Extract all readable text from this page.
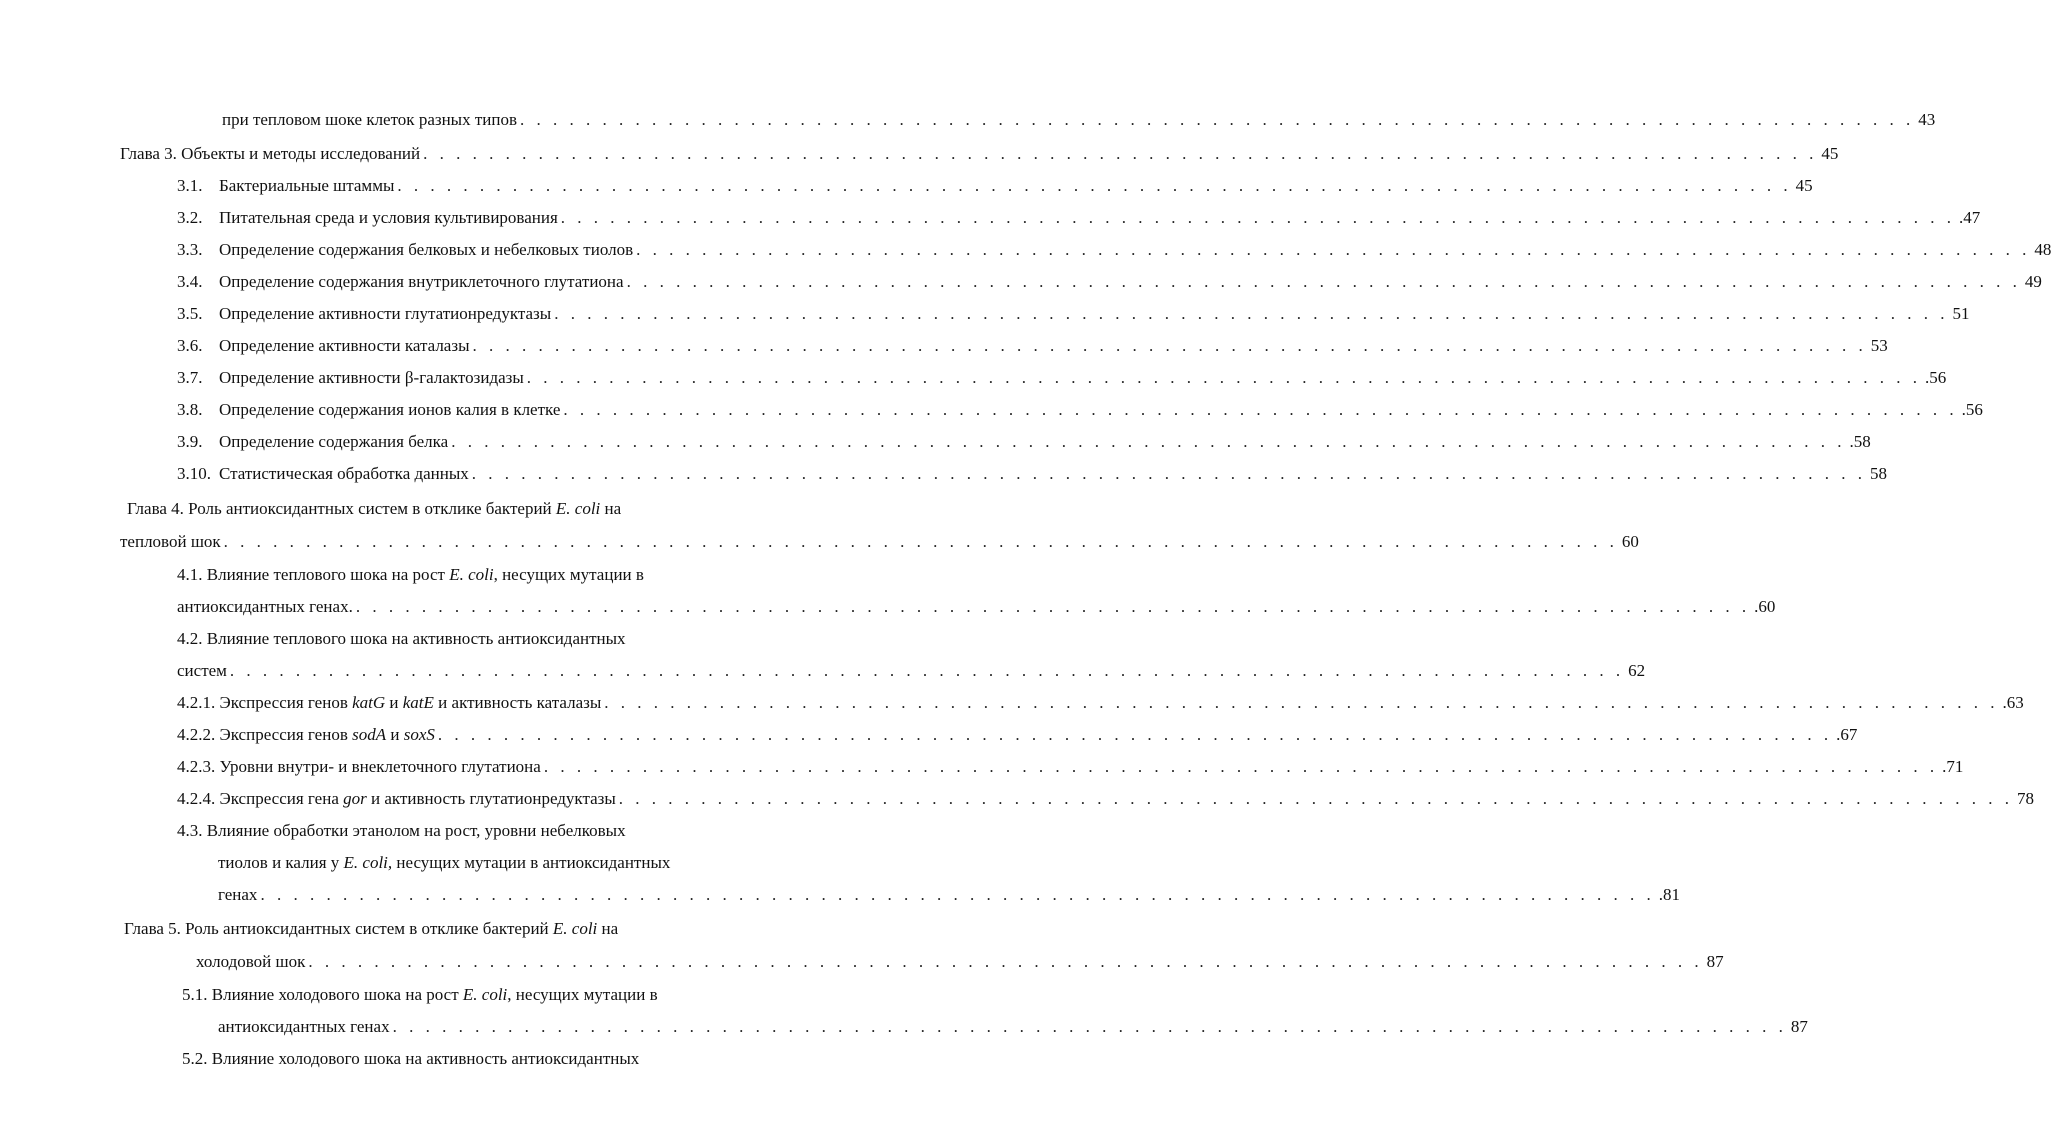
при тепловом шоке клеток разных типов . . . . . . . . . . . . . . . . . . . . . . . . . . . . . . . . . . . . . . . . . . . . . . . . . . . . . . . . . . . . . . . . . . . . . . . . . . . . . . . . . . . . . 43
Глава 3. Объекты и методы исследований . . . . . . . . . . . . . . . . . . . . . . . . . . . . . . . . . . . . . . . . . . . . . . . . . . . . . . . . . . . . . . . . . . . . . . . . . . . . . . . . . . . . . 45
3.1. Бактериальные штаммы . . . . . . . . . . . . . . . . . . . . . . . . . . . . . . . . . . . . . . . . . . . . . . . . . . . . . . . . . . . . . . . . . . . . . . . . . . . . . . . . . . . . . 45
3.2. Питательная среда и условия культивирования . . . . . . . . . . . . . . . . . . . . . . . . . . . . . . . . . . . . . . . . . . . . . . . . . . . . . . . . . . . . . . . . . . . . . . . . . . . . . . . . . . . . . .47
3.3. Определение содержания белковых и небелковых тиолов . . . . . . . . . . . . . . . . . . . . . . . . . . . . . . . . . . . . . . . . . . . . . . . . . . . . . . . . . . . . . . . . . . . . . . . . . . . . . . . . . . . . . 48
3.4. Определение содержания внутриклеточного глутатиона . . . . . . . . . . . . . . . . . . . . . . . . . . . . . . . . . . . . . . . . . . . . . . . . . . . . . . . . . . . . . . . . . . . . . . . . . . . . . . . . . . . . . 49
3.5. Определение активности глутатионредуктазы . . . . . . . . . . . . . . . . . . . . . . . . . . . . . . . . . . . . . . . . . . . . . . . . . . . . . . . . . . . . . . . . . . . . . . . . . . . . . . . . . . . . . 51
3.6. Определение активности каталазы . . . . . . . . . . . . . . . . . . . . . . . . . . . . . . . . . . . . . . . . . . . . . . . . . . . . . . . . . . . . . . . . . . . . . . . . . . . . . . . . . . . . . 53
3.7. Определение активности β-галактозидазы . . . . . . . . . . . . . . . . . . . . . . . . . . . . . . . . . . . . . . . . . . . . . . . . . . . . . . . . . . . . . . . . . . . . . . . . . . . . . . . . . . . . . .56
3.8. Определение содержания ионов калия в клетке . . . . . . . . . . . . . . . . . . . . . . . . . . . . . . . . . . . . . . . . . . . . . . . . . . . . . . . . . . . . . . . . . . . . . . . . . . . . . . . . . . . . . .56
3.9. Определение содержания белка . . . . . . . . . . . . . . . . . . . . . . . . . . . . . . . . . . . . . . . . . . . . . . . . . . . . . . . . . . . . . . . . . . . . . . . . . . . . . . . . . . . . . .58
3.10. Статистическая обработка данных . . . . . . . . . . . . . . . . . . . . . . . . . . . . . . . . . . . . . . . . . . . . . . . . . . . . . . . . . . . . . . . . . . . . . . . . . . . . . . . . . . . . . 58
Глава 4. Роль антиоксидантных систем в отклике бактерий E. coli на
тепловой шок . . . . . . . . . . . . . . . . . . . . . . . . . . . . . . . . . . . . . . . . . . . . . . . . . . . . . . . . . . . . . . . . . . . . . . . . . . . . . . . . . . . . . 60
4.1. Влияние теплового шока на рост E. coli, несущих мутации в
антиоксидантных генах. . . . . . . . . . . . . . . . . . . . . . . . . . . . . . . . . . . . . . . . . . . . . . . . . . . . . . . . . . . . . . . . . . . . . . . . . . . . . . . . . . . . . . .60
4.2. Влияние теплового шока на активность антиоксидантных
систем . . . . . . . . . . . . . . . . . . . . . . . . . . . . . . . . . . . . . . . . . . . . . . . . . . . . . . . . . . . . . . . . . . . . . . . . . . . . . . . . . . . . . 62
4.2.1. Экспрессия генов katG и katE и активность каталазы . . . . . . . . . . . . . . . . . . . . . . . . . . . . . . . . . . . . . . . . . . . . . . . . . . . . . . . . . . . . . . . . . . . . . . . . . . . . . . . . . . . . . .63
4.2.2. Экспрессия генов sodA и soxS . . . . . . . . . . . . . . . . . . . . . . . . . . . . . . . . . . . . . . . . . . . . . . . . . . . . . . . . . . . . . . . . . . . . . . . . . . . . . . . . . . . . . .67
4.2.3. Уровни внутри- и внеклеточного глутатиона . . . . . . . . . . . . . . . . . . . . . . . . . . . . . . . . . . . . . . . . . . . . . . . . . . . . . . . . . . . . . . . . . . . . . . . . . . . . . . . . . . . . . .71
4.2.4. Экспрессия гена gor и активность глутатионредуктазы . . . . . . . . . . . . . . . . . . . . . . . . . . . . . . . . . . . . . . . . . . . . . . . . . . . . . . . . . . . . . . . . . . . . . . . . . . . . . . . . . . . . . 78
4.3. Влияние обработки этанолом на рост, уровни небелковых
тиолов и калия у E. coli, несущих мутации в антиоксидантных
генах . . . . . . . . . . . . . . . . . . . . . . . . . . . . . . . . . . . . . . . . . . . . . . . . . . . . . . . . . . . . . . . . . . . . . . . . . . . . . . . . . . . . . .81
Глава 5. Роль антиоксидантных систем в отклике бактерий E. coli на
холодовой шок . . . . . . . . . . . . . . . . . . . . . . . . . . . . . . . . . . . . . . . . . . . . . . . . . . . . . . . . . . . . . . . . . . . . . . . . . . . . . . . . . . . . . 87
5.1. Влияние холодового шока на рост E. coli, несущих мутации в
антиоксидантных генах . . . . . . . . . . . . . . . . . . . . . . . . . . . . . . . . . . . . . . . . . . . . . . . . . . . . . . . . . . . . . . . . . . . . . . . . . . . . . . . . . . . . . 87
5.2. Влияние холодового шока на активность антиоксидантных
